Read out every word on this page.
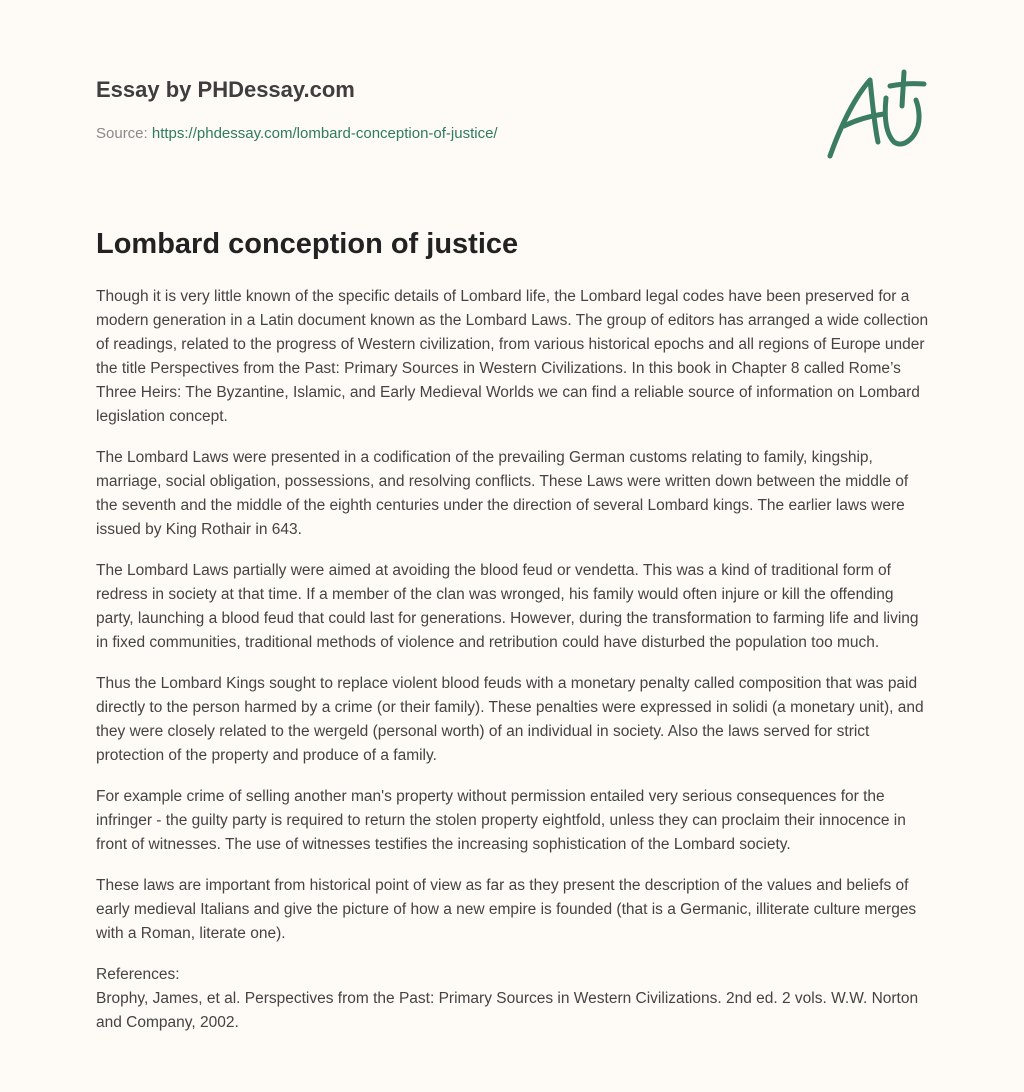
Essay by PHDessay.com
Source: https://phdessay.com/lombard-conception-of-justice/
Lombard conception of justice

Though it is very little known of the specific details of Lombard life, the Lombard legal codes have been preserved for a modern generation in a Latin document known as the Lombard Laws. The group of editors has arranged a wide collection of readings, related to the progress of Western civilization, from various historical epochs and all regions of Europe under the title Perspectives from the Past: Primary Sources in Western Civilizations. In this book in Chapter 8 called Rome’s Three Heirs: The Byzantine, Islamic, and Early Medieval Worlds we can find a reliable source of information on Lombard legislation concept.

The Lombard Laws were presented in a codification of the prevailing German customs relating to family, kingship, marriage, social obligation, possessions, and resolving conflicts. These Laws were written down between the middle of the seventh and the middle of the eighth centuries under the direction of several Lombard kings. The earlier laws were issued by King Rothair in 643.

The Lombard Laws partially were aimed at avoiding the blood feud or vendetta. This was a kind of traditional form of redress in society at that time. If a member of the clan was wronged, his family would often injure or kill the offending party, launching a blood feud that could last for generations. However, during the transformation to farming life and living in fixed communities, traditional methods of violence and retribution could have disturbed the population too much.

Thus the Lombard Kings sought to replace violent blood feuds with a monetary penalty called composition that was paid directly to the person harmed by a crime (or their family). These penalties were expressed in solidi (a monetary unit), and they were closely related to the wergeld (personal worth) of an individual in society. Also the laws served for strict protection of the property and produce of a family.

For example crime of selling another man's property without permission entailed very serious consequences for the infringer - the guilty party is required to return the stolen property eightfold, unless they can proclaim their innocence in front of witnesses. The use of witnesses testifies the increasing sophistication of the Lombard society.

These laws are important from historical point of view as far as they present the description of the values and beliefs of early medieval Italians and give the picture of how a new empire is founded (that is a Germanic, illiterate culture merges with a Roman, literate one).

References:
Brophy, James, et al. Perspectives from the Past: Primary Sources in Western Civilizations. 2nd ed. 2 vols. W.W. Norton and Company, 2002.
